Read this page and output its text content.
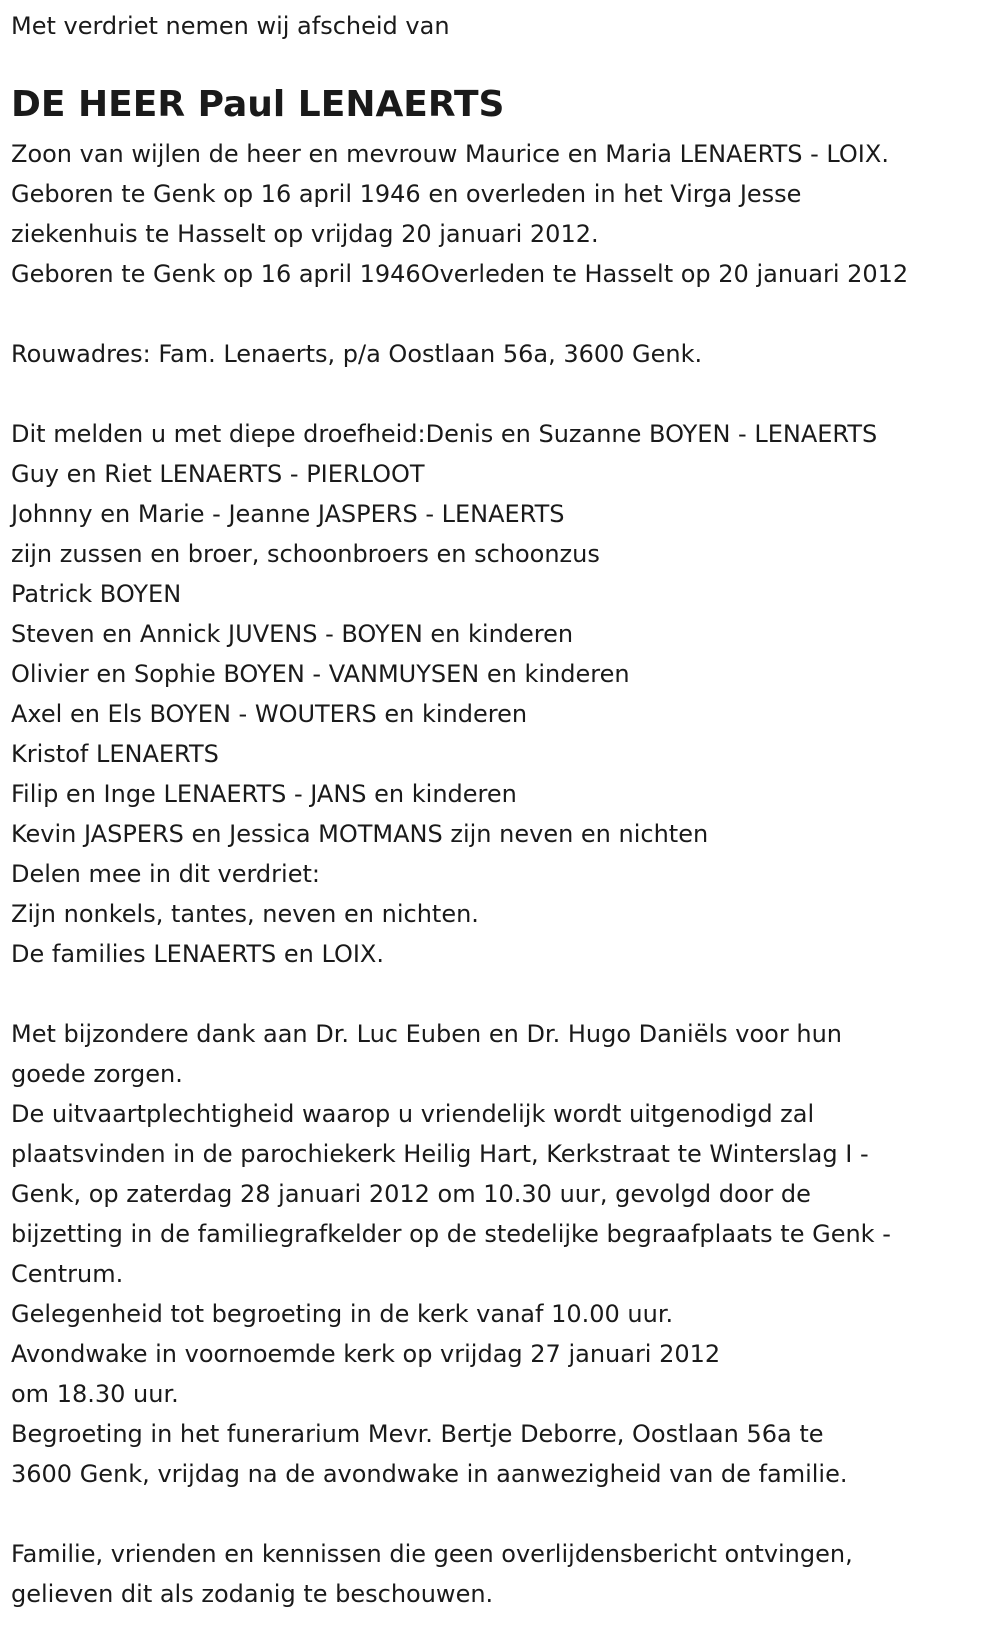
Met verdriet nemen wij afscheid van

DE HEER Paul LENAERTS

Zoon van wijlen de heer en mevrouw Maurice en Maria LENAERTS - LOIX.

Geboren te Genk op 16 april 1946 en overleden in het Virga Jesse

ziekenhuis te Hasselt op vrijdag 20 januari 2012.

Geboren te Genk op 16 april 1946Overleden te Hasselt op 20 januari 2012

Rouwadres: Fam. Lenaerts, p/a Oostlaan 56a, 3600 Genk.

Dit melden u met diepe droefheid:Denis en Suzanne BOYEN - LENAERTS

Guy en Riet LENAERTS - PIERLOOT

Johnny en Marie - Jeanne JASPERS - LENAERTS

zijn zussen en broer, schoonbroers en schoonzus

Patrick BOYEN

Steven en Annick JUVENS - BOYEN en kinderen

Olivier en Sophie BOYEN - VANMUYSEN en kinderen

Axel en Els BOYEN - WOUTERS en kinderen

Kristof LENAERTS

Filip en Inge LENAERTS - JANS en kinderen

Kevin JASPERS en Jessica MOTMANS zijn neven en nichten

Delen mee in dit verdriet:

Zijn nonkels, tantes, neven en nichten.

De families LENAERTS en LOIX.

Met bijzondere dank aan Dr. Luc Euben en Dr. Hugo Daniëls voor hun

goede zorgen.

De uitvaartplechtigheid waarop u vriendelijk wordt uitgenodigd zal

plaatsvinden in de parochiekerk Heilig Hart, Kerkstraat te Winterslag I -

Genk, op zaterdag 28 januari 2012 om 10.30 uur, gevolgd door de

bijzetting in de familiegrafkelder op de stedelijke begraafplaats te Genk -

Centrum.

Gelegenheid tot begroeting in de kerk vanaf 10.00 uur.

Avondwake in voornoemde kerk op vrijdag 27 januari 2012

om 18.30 uur.

Begroeting in het funerarium Mevr. Bertje Deborre, Oostlaan 56a te

3600 Genk, vrijdag na de avondwake in aanwezigheid van de familie.

Familie, vrienden en kennissen die geen overlijdensbericht ontvingen,

gelieven dit als zodanig te beschouwen.
